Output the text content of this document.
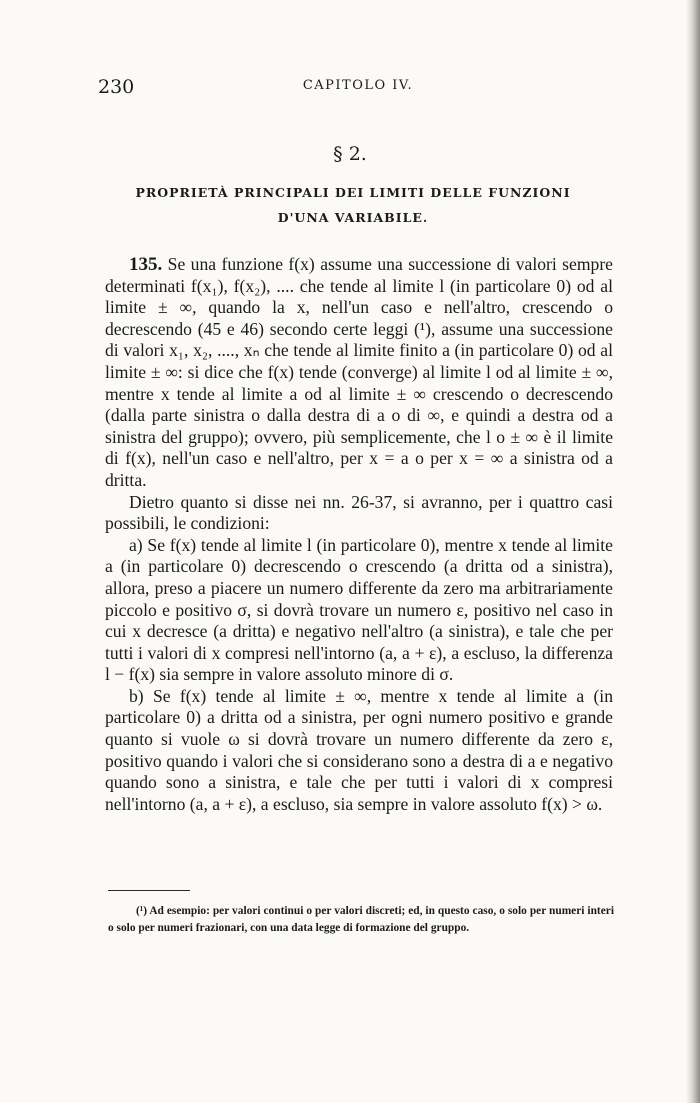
230	CAPITOLO IV.
§ 2.
PROPRIETÀ PRINCIPALI DEI LIMITI DELLE FUNZIONI
D'UNA VARIABILE.

135. Se una funzione f(x) assume una successione di valori sempre determinati f(x₁), f(x₂), .... che tende al limite l (in particolare 0) od al limite ± ∞, quando la x, nell'un caso e nell'altro, crescendo o decrescendo (45 e 46) secondo certe leggi (¹), assume una successione di valori x₁, x₂, ...., xₙ che tende al limite finito a (in particolare 0) od al limite ± ∞: si dice che f(x) tende (converge) al limite l od al limite ± ∞, mentre x tende al limite a od al limite ± ∞ crescendo o decrescendo (dalla parte sinistra o dalla destra di a o di ∞, e quindi a destra od a sinistra del gruppo); ovvero, più semplicemente, che l o ± ∞ è il limite di f(x), nell'un caso e nell'altro, per x = a o per x = ∞ a sinistra od a dritta.

Dietro quanto si disse nei nn. 26-37, si avranno, per i quattro casi possibili, le condizioni:

a) Se f(x) tende al limite l (in particolare 0), mentre x tende al limite a (in particolare 0) decrescendo o crescendo (a dritta od a sinistra), allora, preso a piacere un numero differente da zero ma arbitrariamente piccolo e positivo σ, si dovrà trovare un numero ε, positivo nel caso in cui x decresce (a dritta) e negativo nell'altro (a sinistra), e tale che per tutti i valori di x compresi nell'intorno (a, a + ε), a escluso, la differenza l − f(x) sia sempre in valore assoluto minore di σ.

b) Se f(x) tende al limite ± ∞, mentre x tende al limite a (in particolare 0) a dritta od a sinistra, per ogni numero positivo e grande quanto si vuole ω si dovrà trovare un numero differente da zero ε, positivo quando i valori che si considerano sono a destra di a e negativo quando sono a sinistra, e tale che per tutti i valori di x compresi nell'intorno (a, a + ε), a escluso, sia sempre in valore assoluto f(x) > ω.

(¹) Ad esempio: per valori continui o per valori discreti; ed, in questo caso, o solo per numeri interi o solo per numeri frazionari, con una data legge di formazione del gruppo.
